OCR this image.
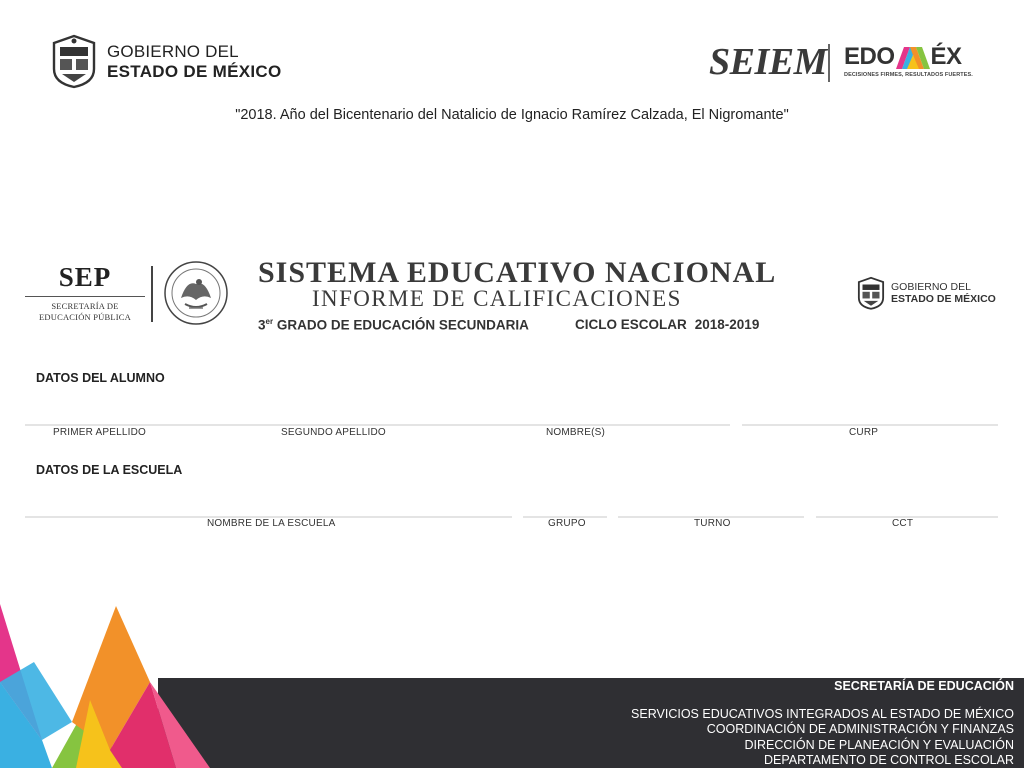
GOBIERNO DEL
ESTADO DE MÉXICO	SEIEM EDO ÉX
DECISIONES FIRMES, RESULTADOS FUERTES.
"2018. Año del Bicentenario del Natalicio de Ignacio Ramírez Calzada, El Nigromante"
SEP
SECRETARÍA DE
EDUCACIÓN PÚBLICA
SISTEMA EDUCATIVO NACIONAL
INFORME DE CALIFICACIONES
3er GRADO DE EDUCACIÓN SECUNDARIA	CICLO ESCOLAR 2018-2019
GOBIERNO DEL
ESTADO DE MÉXICO
DATOS DEL ALUMNO
PRIMER APELLIDO	SEGUNDO APELLIDO	NOMBRE(S)	CURP
DATOS DE LA ESCUELA
NOMBRE DE LA ESCUELA	GRUPO	TURNO	CCT
SECRETARÍA DE EDUCACIÓN
SERVICIOS EDUCATIVOS INTEGRADOS AL ESTADO DE MÉXICO
COORDINACIÓN DE ADMINISTRACIÓN Y FINANZAS
DIRECCIÓN DE PLANEACIÓN Y EVALUACIÓN
DEPARTAMENTO DE CONTROL ESCOLAR
